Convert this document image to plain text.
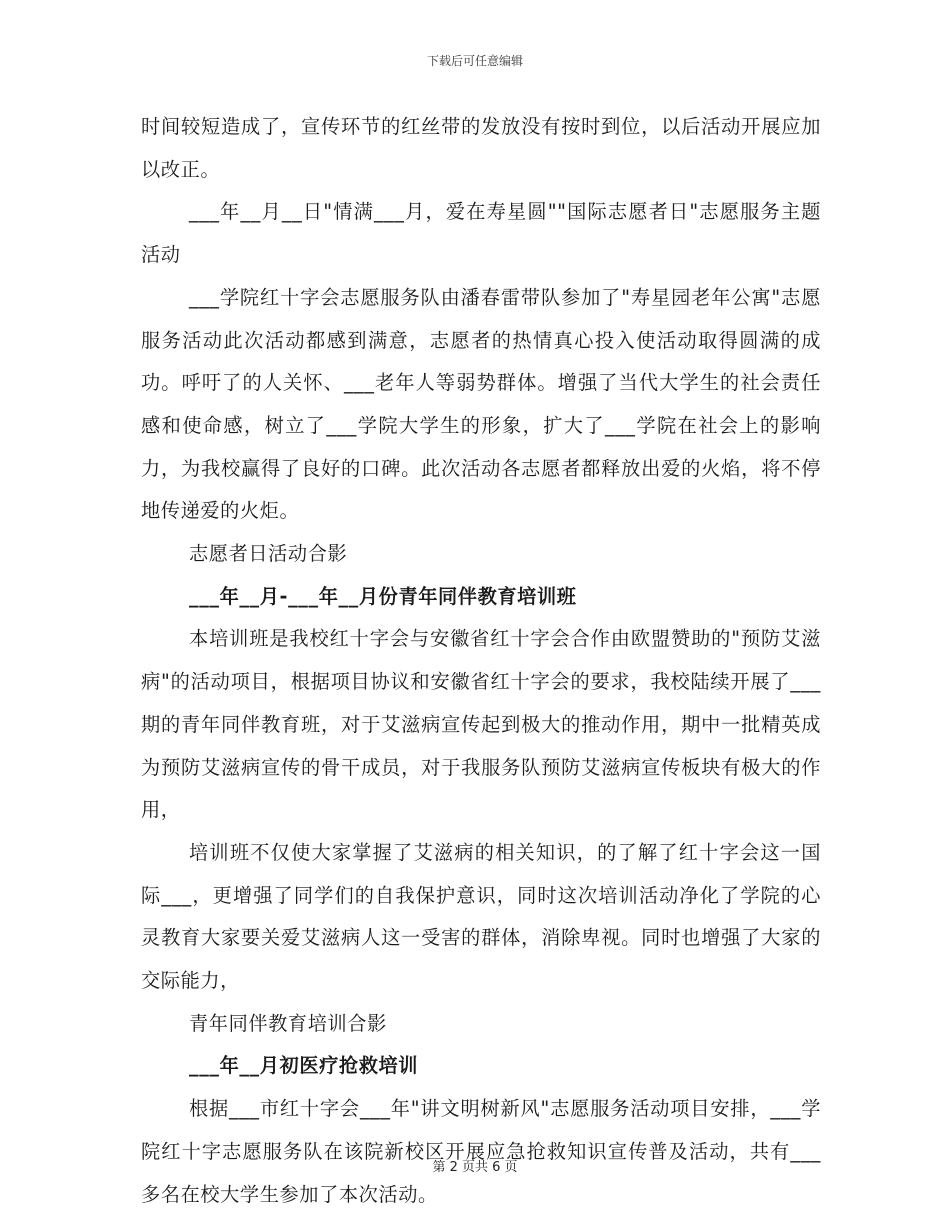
下载后可任意编辑

时间较短造成了，宣传环节的红丝带的发放没有按时到位，以后活动开展应加以改正。

___年__月__日"情满___月，爱在寿星圆""国际志愿者日"志愿服务主题活动

___学院红十字会志愿服务队由潘春雷带队参加了"寿星园老年公寓"志愿服务活动此次活动都感到满意，志愿者的热情真心投入使活动取得圆满的成功。呼吁了的人关怀、___老年人等弱势群体。增强了当代大学生的社会责任感和使命感，树立了___学院大学生的形象，扩大了___学院在社会上的影响力，为我校赢得了良好的口碑。此次活动各志愿者都释放出爱的火焰，将不停地传递爱的火炬。

志愿者日活动合影

___年__月-___年__月份青年同伴教育培训班

本培训班是我校红十字会与安徽省红十字会合作由欧盟赞助的"预防艾滋病"的活动项目，根据项目协议和安徽省红十字会的要求，我校陆续开展了___期的青年同伴教育班，对于艾滋病宣传起到极大的推动作用，期中一批精英成为预防艾滋病宣传的骨干成员，对于我服务队预防艾滋病宣传板块有极大的作用，

培训班不仅使大家掌握了艾滋病的相关知识，的了解了红十字会这一国际___，更增强了同学们的自我保护意识，同时这次培训活动净化了学院的心灵教育大家要关爱艾滋病人这一受害的群体，消除卑视。同时也增强了大家的交际能力，

青年同伴教育培训合影

___年__月初医疗抢救培训

根据___市红十字会___年"讲文明树新风"志愿服务活动项目安排，___学院红十字志愿服务队在该院新校区开展应急抢救知识宣传普及活动，共有___多名在校大学生参加了本次活动。

第 2 页共 6 页
